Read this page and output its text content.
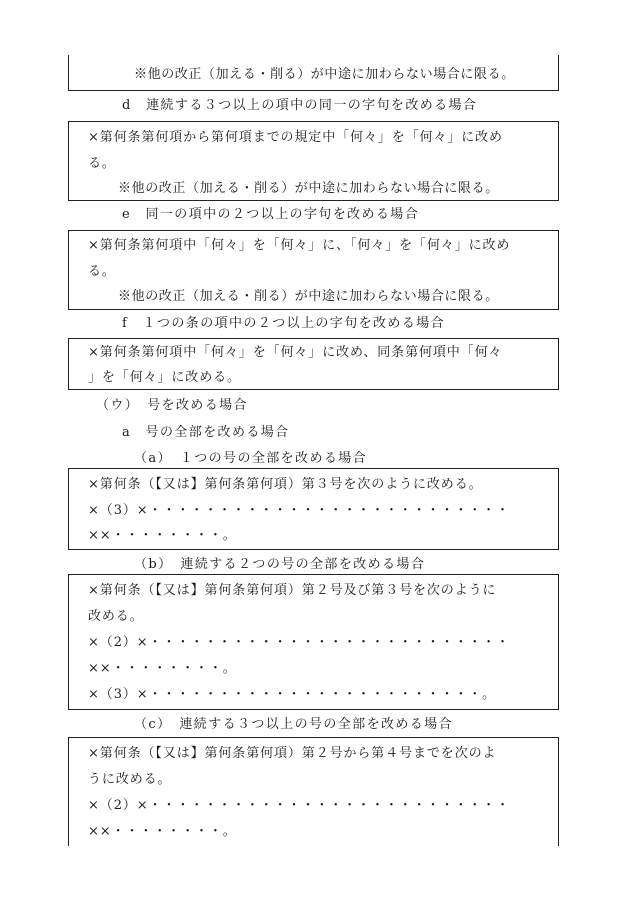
※他の改正（加える・削る）が中途に加わらない場合に限る。
d　連続する３つ以上の項中の同一の字句を改める場合
×第何条第何項から第何項までの規定中「何々」を「何々」に改め
る。
※他の改正（加える・削る）が中途に加わらない場合に限る。
e　同一の項中の２つ以上の字句を改める場合
×第何条第何項中「何々」を「何々」に、「何々」を「何々」に改め
る。
※他の改正（加える・削る）が中途に加わらない場合に限る。
f　１つの条の項中の２つ以上の字句を改める場合
×第何条第何項中「何々」を「何々」に改め、同条第何項中「何々
」を「何々」に改める。
（ウ）　号を改める場合
a　号の全部を改める場合
（a）　１つの号の全部を改める場合
×第何条（【又は】第何条第何項）第３号を次のように改める。
×（3）×・・・・・・・・・・・・・・・・・・・・・・・・・・
××・・・・・・・・。
（b）　連続する２つの号の全部を改める場合
×第何条（【又は】第何条第何項）第２号及び第３号を次のように
改める。
×（2）×・・・・・・・・・・・・・・・・・・・・・・・・・・
××・・・・・・・・。
×（3）×・・・・・・・・・・・・・・・・・・・・・・・・。
（c）　連続する３つ以上の号の全部を改める場合
×第何条（【又は】第何条第何項）第２号から第４号までを次のよ
うに改める。
×（2）×・・・・・・・・・・・・・・・・・・・・・・・・・・
××・・・・・・・・。
